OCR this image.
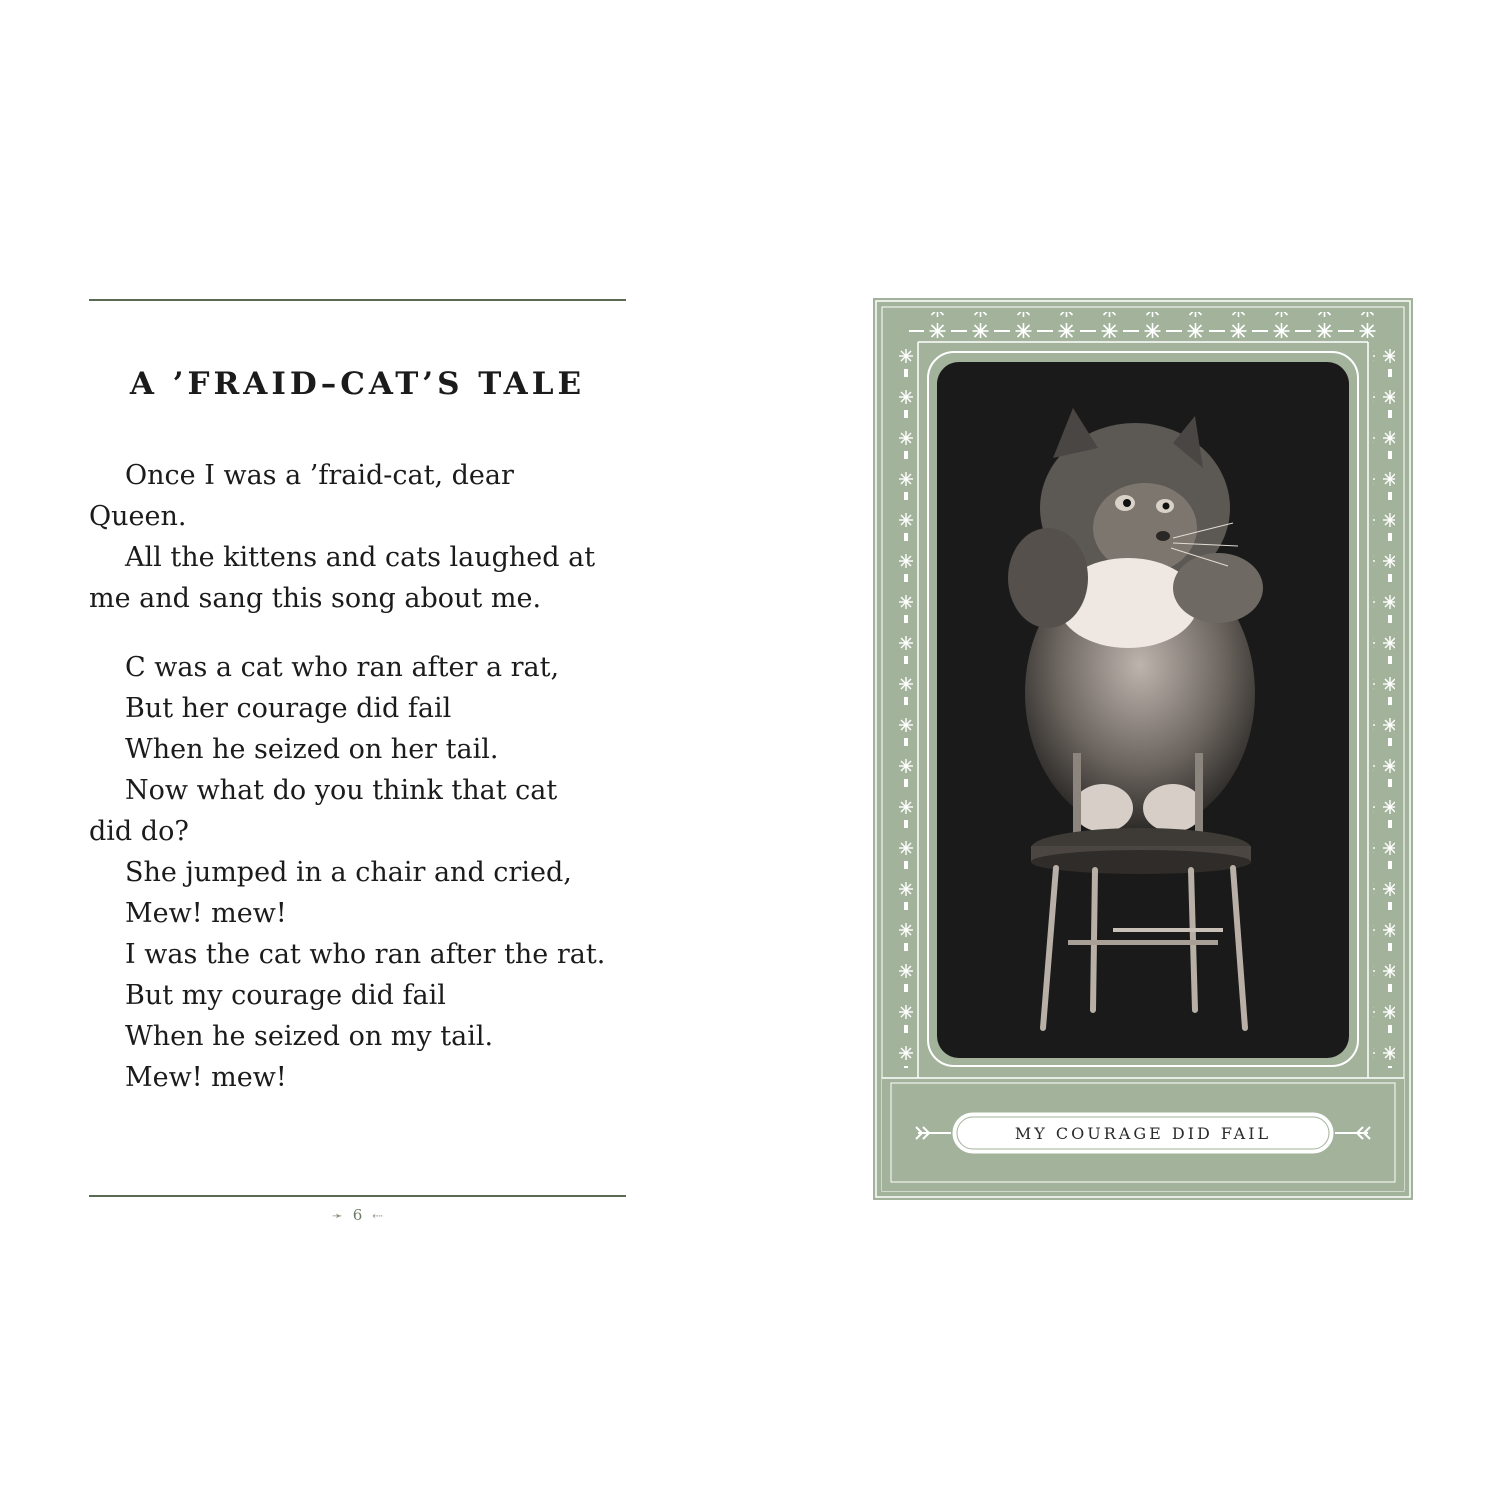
A ’FRAID–CAT’S TALE

Once I was a ’fraid-cat, dear
Queen.
All the kittens and cats laughed at
me and sang this song about me.

C was a cat who ran after a rat,
But her courage did fail
When he seized on her tail.
Now what do you think that cat
did do?
She jumped in a chair and cried,
Mew! mew!
I was the cat who ran after the rat.
But my courage did fail
When he seized on my tail.
Mew! mew!

➛ 6 ⇠
MY COURAGE DID FAIL
